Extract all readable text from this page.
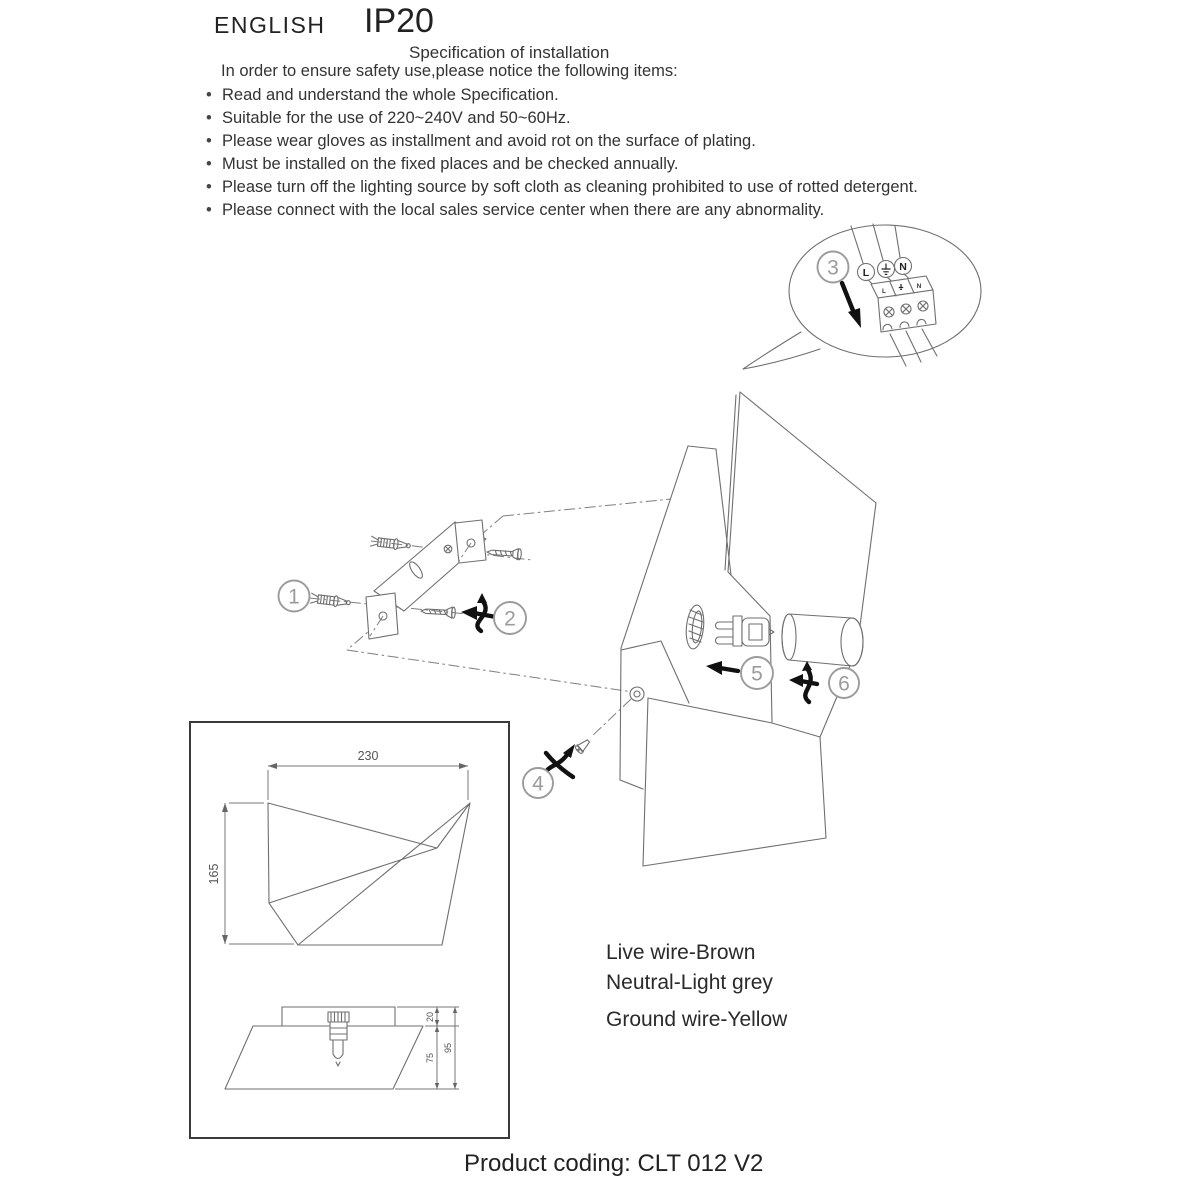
1
2
4
5	6
L	N
L
N
3
230
165
20
75
95
ENGLISH IP20
Specification of installation
In order to ensure safety use,please notice the following items:
• Read and understand the whole Specification.
• Suitable for the use of 220~240V and 50~60Hz.
• Please wear gloves as installment and avoid rot on the surface of plating.
• Must be installed on the fixed places and be checked annually.
• Please turn off the lighting source by soft cloth as cleaning prohibited to use of rotted detergent.
• Please connect with the local sales service center when there are any abnormality.
Live wire-Brown
Neutral-Light grey
Ground wire-Yellow
Product coding: CLT 012 V2
